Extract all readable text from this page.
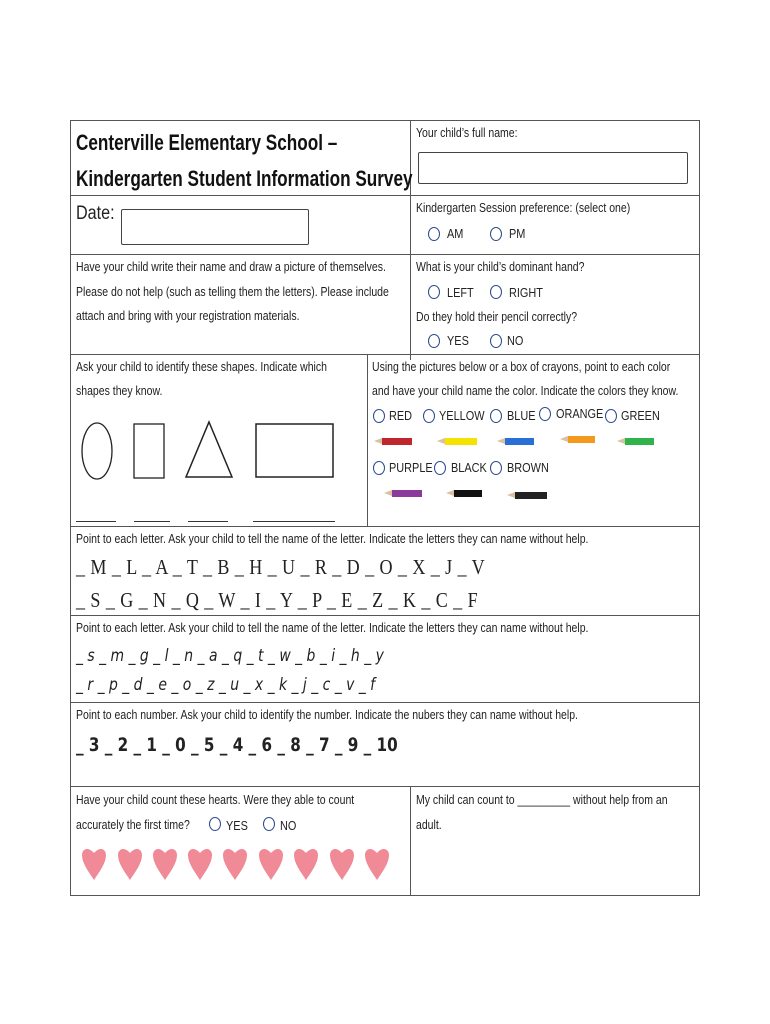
Centerville Elementary School –
Kindergarten Student Information Survey
Your child’s full name:
Date:	Kindergarten Session preference: (select one)
AM	PM
Have your child write their name and draw a picture of themselves.
Please do not help (such as telling them the letters). Please include
attach and bring with your registration materials.
What is your child’s dominant hand?
LEFT	RIGHT
Do they hold their pencil correctly?
YES	NO
Ask your child to identify these shapes. Indicate which
shapes they know.
Using the pictures below or a box of crayons, point to each color
and have your child name the color. Indicate the colors they know.
RED YELLOW BLUE ORANGE GREEN
PURPLE BLACK BROWN
Point to each letter. Ask your child to tell the name of the letter. Indicate the letters they can name without help.
_ M _ L _ A _ T _ B _ H _ U _ R _ D _ O _ X _ J _ V
_ S _ G _ N _ Q _ W _ I _ Y _ P _ E _ Z _ K _ C _ F
Point to each letter. Ask your child to tell the name of the letter. Indicate the letters they can name without help.
_ s _ m _ g _ l _ n _ a _ q _ t _ w _ b _ i _ h _ y
_ r _ p _ d _ e _ o _ z _ u _ x _ k _ j _ c _ v _ f
Point to each number. Ask your child to identify the number. Indicate the nubers they can name without help.
_ 3 _ 2 _ 1 _ 0 _ 5 _ 4 _ 6 _ 8 _ 7 _ 9 _ 10
Have your child count these hearts. Were they able to count
accurately the first time?	YES NO
My child can count to _________ without help from an
adult.
